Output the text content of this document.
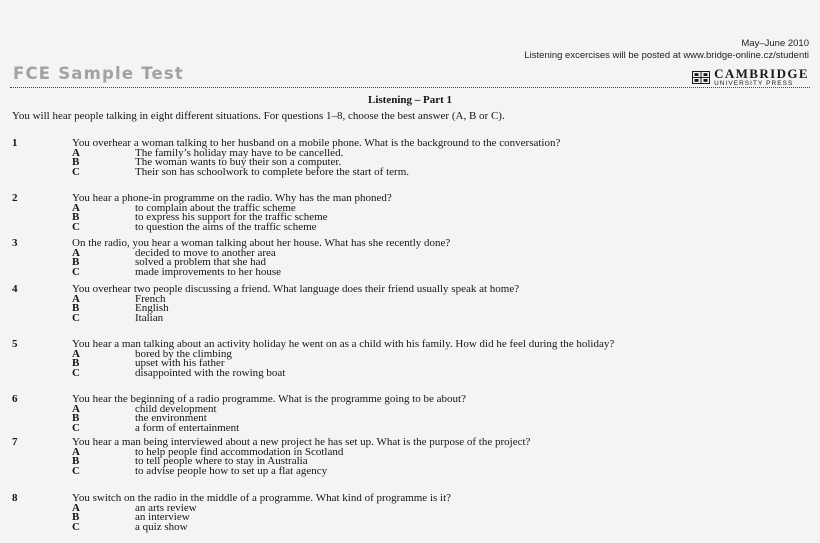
May–June 2010
Listening excercises will be posted at www.bridge-online.cz/studenti
FCE Sample Test	CAMBRIDGE
UNIVERSITY PRESS
Listening – Part 1
You will hear people talking in eight different situations. For questions 1–8, choose the best answer (A, B or C).
1	You overhear a woman talking to her husband on a mobile phone. What is the background to the conversation?
A	The family’s holiday may have to be cancelled.
B	The woman wants to buy their son a computer.
C	Their son has schoolwork to complete before the start of term.
2	You hear a phone-in programme on the radio. Why has the man phoned?
A	to complain about the traffic scheme
B	to express his support for the traffic scheme
C	to question the aims of the traffic scheme
3	On the radio, you hear a woman talking about her house. What has she recently done?
A	decided to move to another area
B	solved a problem that she had
C	made improvements to her house
4	You overhear two people discussing a friend. What language does their friend usually speak at home?
A	French
B	English
C	Italian
5	You hear a man talking about an activity holiday he went on as a child with his family. How did he feel during the holiday?
A	bored by the climbing
B	upset with his father
C	disappointed with the rowing boat
6	You hear the beginning of a radio programme. What is the programme going to be about?
A	child development
B	the environment
C	a form of entertainment
7	You hear a man being interviewed about a new project he has set up. What is the purpose of the project?
A	to help people find accommodation in Scotland
B	to tell people where to stay in Australia
C	to advise people how to set up a flat agency
8	You switch on the radio in the middle of a programme. What kind of programme is it?
A	an arts review
B	an interview
C	a quiz show
